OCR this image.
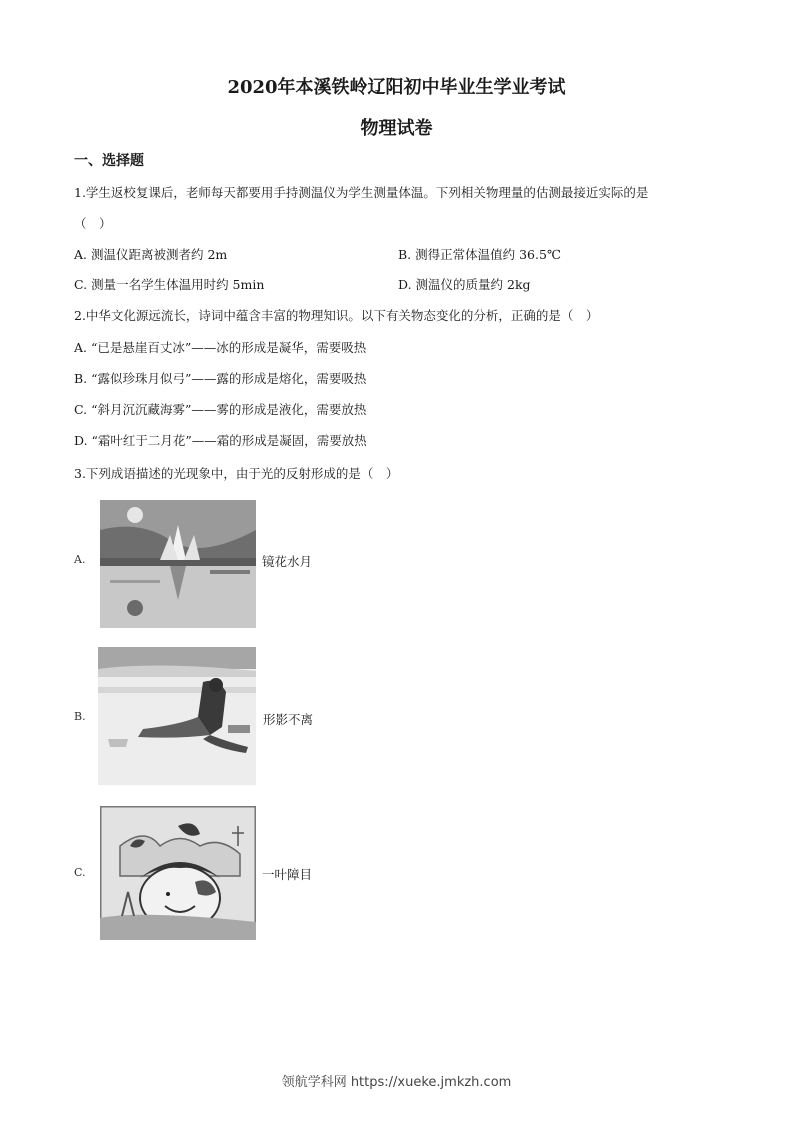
2020年本溪铁岭辽阳初中毕业生学业考试
物理试卷
一、选择题
1.学生返校复课后，老师每天都要用手持测温仪为学生测量体温。下列相关物理量的估测最接近实际的是
（　）
A. 测温仪距离被测者约 2m	B. 测得正常体温值约 36.5℃
C. 测量一名学生体温用时约 5min	D. 测温仪的质量约 2kg
2.中华文化源远流长，诗词中蕴含丰富的物理知识。以下有关物态变化的分析，正确的是（　）
A. “已是悬崖百丈冰”——冰的形成是凝华，需要吸热
B. “露似珍珠月似弓”——露的形成是熔化，需要吸热
C. “斜月沉沉藏海雾”——雾的形成是液化，需要放热
D. “霜叶红于二月花”——霜的形成是凝固，需要放热
3.下列成语描述的光现象中，由于光的反射形成的是（　）
A.	镜花水月
B.	形影不离
C.	一叶障目
领航学科网 https://xueke.jmkzh.com
